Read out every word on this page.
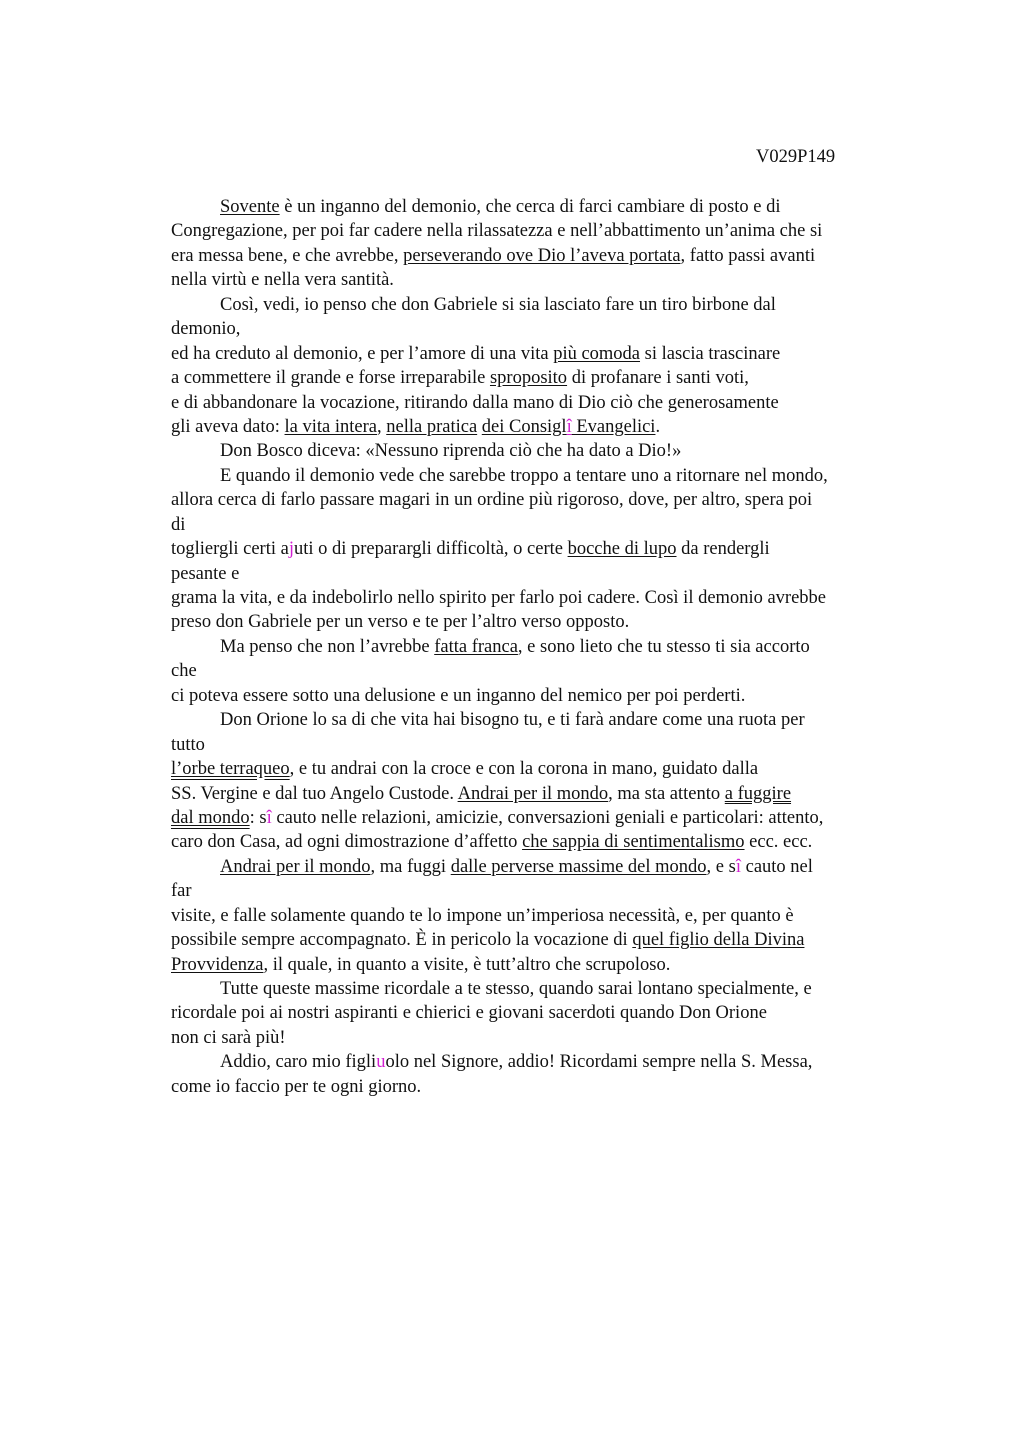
V029P149
Sovente è un inganno del demonio, che cerca di farci cambiare di posto e di
Congregazione, per poi far cadere nella rilassatezza e nell’abbattimento un’anima che si
era messa bene, e che avrebbe, perseverando ove Dio l’aveva portata, fatto passi avanti
nella virtù e nella vera santità.
Così, vedi, io penso che don Gabriele si sia lasciato fare un tiro birbone dal
demonio,
ed ha creduto al demonio, e per l’amore di una vita più comoda si lascia trascinare
a commettere il grande e forse irreparabile sproposito di profanare i santi voti,
e di abbandonare la vocazione, ritirando dalla mano di Dio ciò che generosamente
gli aveva dato: la vita intera, nella pratica dei Consiglî Evangelici.
Don Bosco diceva: «Nessuno riprenda ciò che ha dato a Dio!»
E quando il demonio vede che sarebbe troppo a tentare uno a ritornare nel mondo,
allora cerca di farlo passare magari in un ordine più rigoroso, dove, per altro, spera poi
di
togliergli certi ajuti o di preparargli difficoltà, o certe bocche di lupo da rendergli
pesante e
grama la vita, e da indebolirlo nello spirito per farlo poi cadere. Così il demonio avrebbe
preso don Gabriele per un verso e te per l’altro verso opposto.
Ma penso che non l’avrebbe fatta franca, e sono lieto che tu stesso ti sia accorto
che
ci poteva essere sotto una delusione e un inganno del nemico per poi perderti.
Don Orione lo sa di che vita hai bisogno tu, e ti farà andare come una ruota per
tutto
l’orbe terraqueo, e tu andrai con la croce e con la corona in mano, guidato dalla
SS. Vergine e dal tuo Angelo Custode. Andrai per il mondo, ma sta attento a fuggire
dal mondo: sî cauto nelle relazioni, amicizie, conversazioni geniali e particolari: attento,
caro don Casa, ad ogni dimostrazione d’affetto che sappia di sentimentalismo ecc. ecc.
Andrai per il mondo, ma fuggi dalle perverse massime del mondo, e sî cauto nel
far
visite, e falle solamente quando te lo impone un’imperiosa necessità, e, per quanto è
possibile sempre accompagnato. È in pericolo la vocazione di quel figlio della Divina
Provvidenza, il quale, in quanto a visite, è tutt’altro che scrupoloso.
Tutte queste massime ricordale a te stesso, quando sarai lontano specialmente, e
ricordale poi ai nostri aspiranti e chierici e giovani sacerdoti quando Don Orione
non ci sarà più!
Addio, caro mio figliuolo nel Signore, addio! Ricordami sempre nella S. Messa,
come io faccio per te ogni giorno.
